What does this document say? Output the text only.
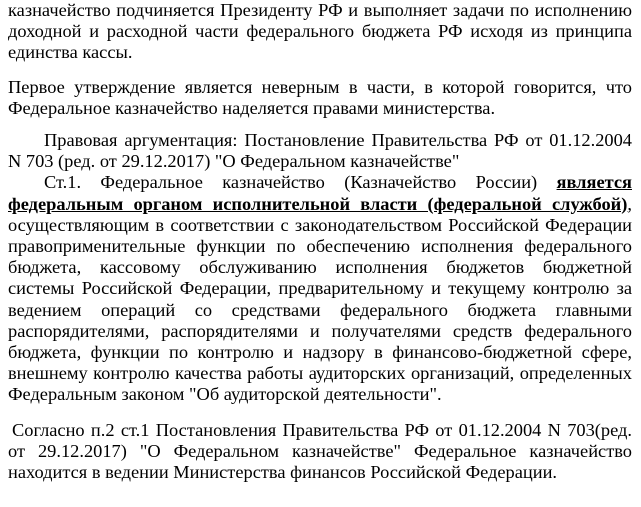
казначейство подчиняется Президенту РФ и выполняет задачи по исполнению доходной и расходной части федерального бюджета РФ исходя из принципа единства кассы.

Первое утверждение является неверным в части, в которой говорится, что Федеральное казначейство наделяется правами министерства.

Правовая аргументация: Постановление Правительства РФ от 01.12.2004 N 703 (ред. от 29.12.2017) "О Федеральном казначействе"

Ст.1. Федеральное казначейство (Казначейство России) является федеральным органом исполнительной власти (федеральной службой), осуществляющим в соответствии с законодательством Российской Федерации правоприменительные функции по обеспечению исполнения федерального бюджета, кассовому обслуживанию исполнения бюджетов бюджетной системы Российской Федерации, предварительному и текущему контролю за ведением операций со средствами федерального бюджета главными распорядителями, распорядителями и получателями средств федерального бюджета, функции по контролю и надзору в финансово-бюджетной сфере, внешнему контролю качества работы аудиторских организаций, определенных Федеральным законом "Об аудиторской деятельности".

Согласно п.2 ст.1 Постановления Правительства РФ от 01.12.2004 N 703(ред. от 29.12.2017) "О Федеральном казначействе" Федеральное казначейство находится в ведении Министерства финансов Российской Федерации.
